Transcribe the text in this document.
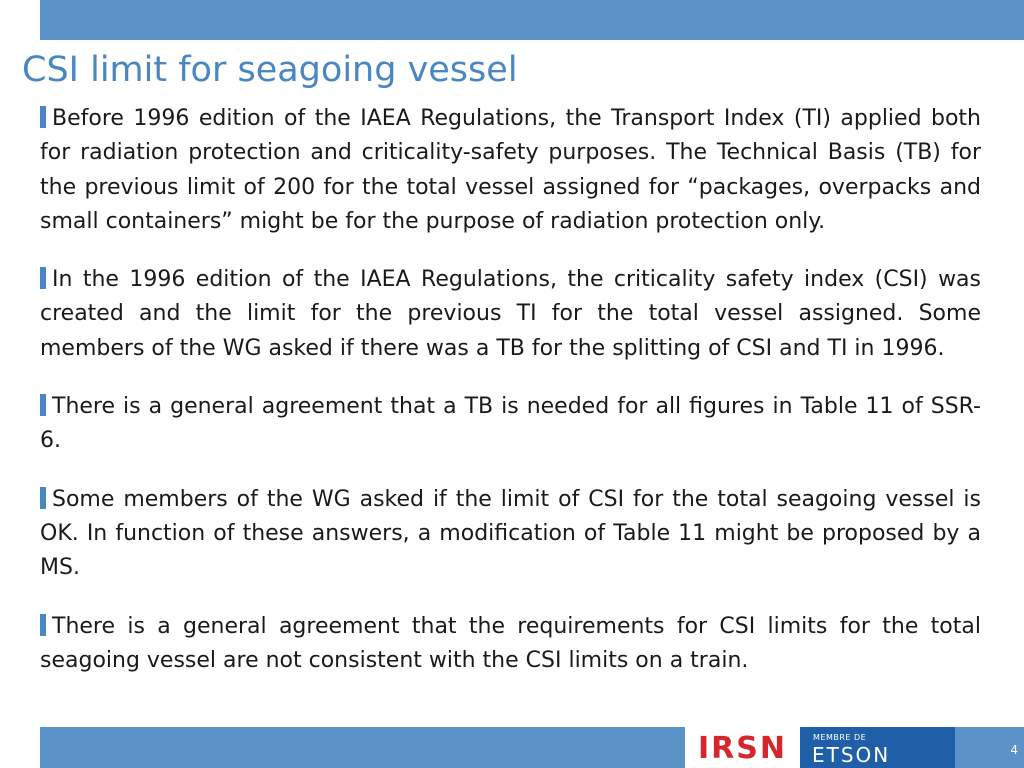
CSI limit for seagoing vessel

Before 1996 edition of the IAEA Regulations, the Transport Index (TI) applied both for radiation protection and criticality-safety purposes. The Technical Basis (TB) for the previous limit of 200 for the total vessel assigned for “packages, overpacks and small containers” might be for the purpose of radiation protection only.

In the 1996 edition of the IAEA Regulations, the criticality safety index (CSI) was created and the limit for the previous TI for the total vessel assigned. Some members of the WG asked if there was a TB for the splitting of CSI and TI in 1996.

There is a general agreement that a TB is needed for all figures in Table 11 of SSR-6.

Some members of the WG asked if the limit of CSI for the total seagoing vessel is OK. In function of these answers, a modification of Table 11 might be proposed by a MS.

There is a general agreement that the requirements for CSI limits for the total seagoing vessel are not consistent with the CSI limits on a train.

IRSN	MEMBRE DE
ETSON	4
